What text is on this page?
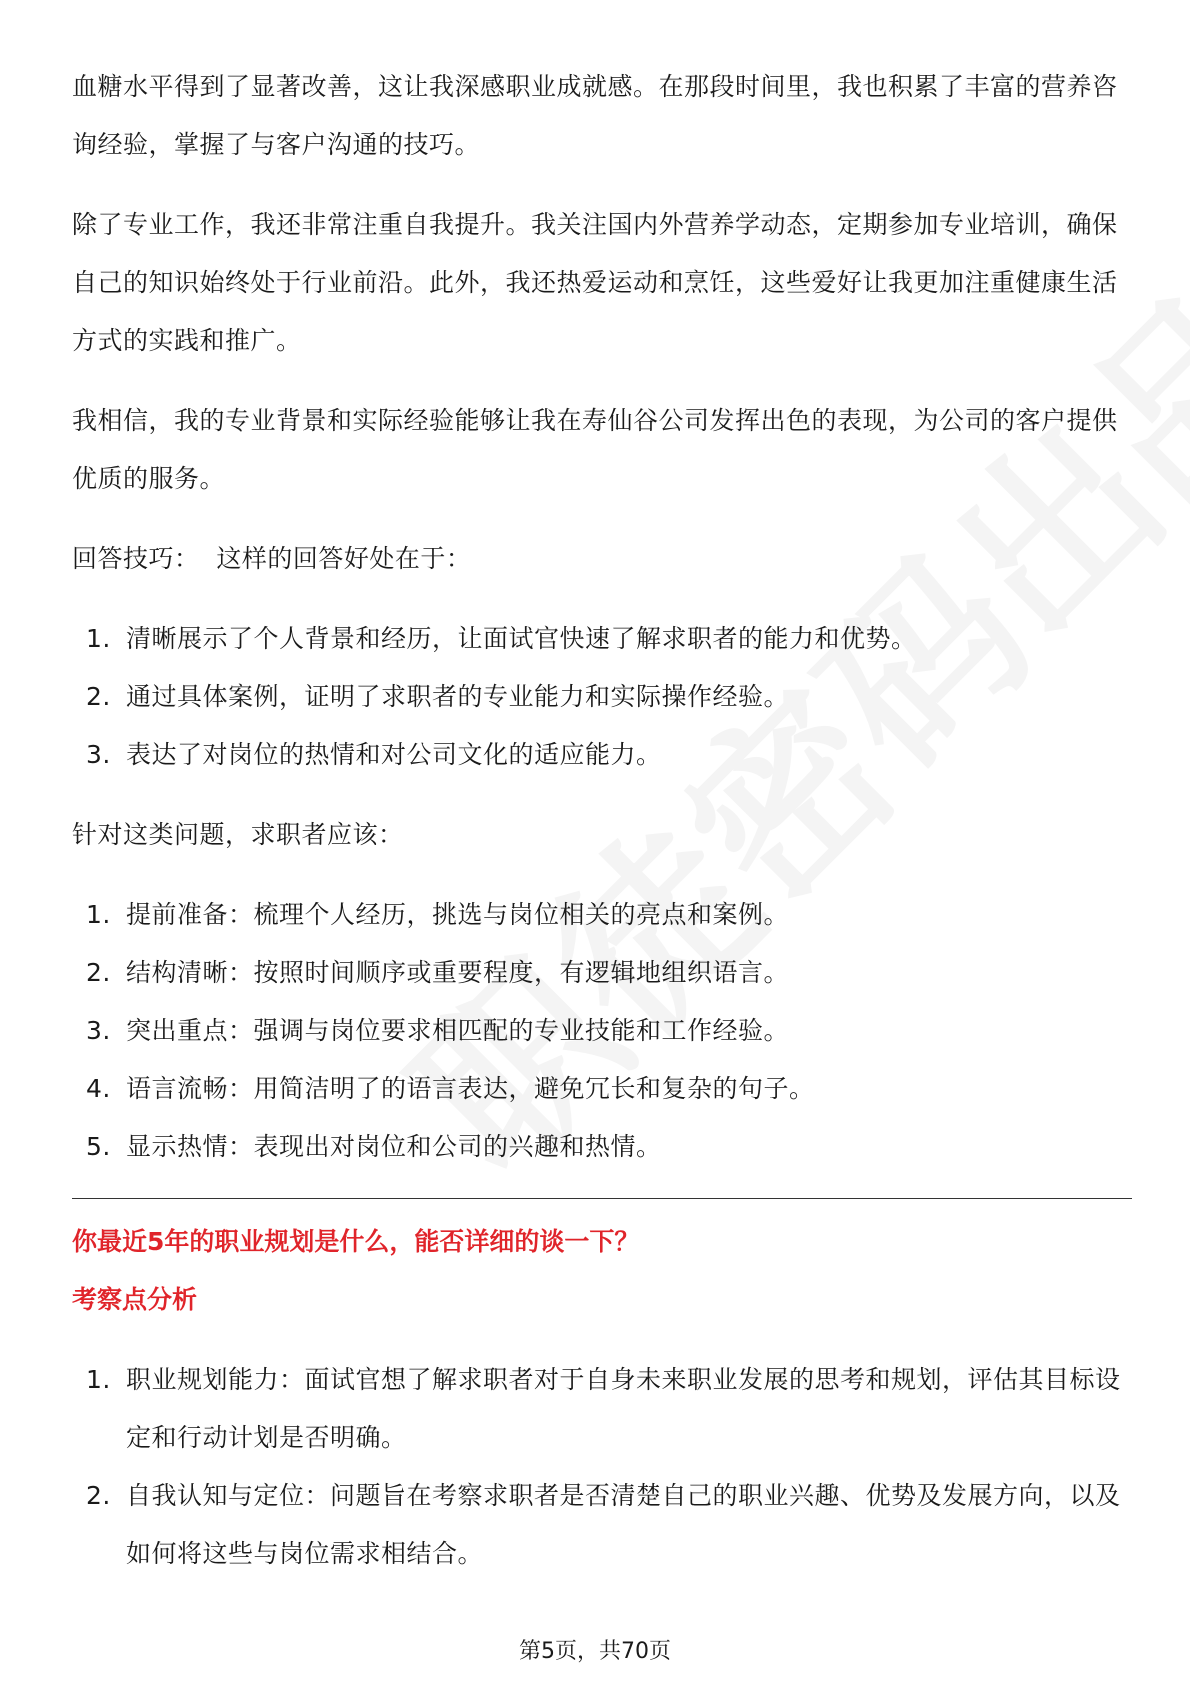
血糖水平得到了显著改善，这让我深感职业成就感。在那段时间里，我也积累了丰富的营养咨询经验，掌握了与客户沟通的技巧。

除了专业工作，我还非常注重自我提升。我关注国内外营养学动态，定期参加专业培训，确保自己的知识始终处于行业前沿。此外，我还热爱运动和烹饪，这些爱好让我更加注重健康生活方式的实践和推广。

我相信，我的专业背景和实际经验能够让我在寿仙谷公司发挥出色的表现，为公司的客户提供优质的服务。

回答技巧：  这样的回答好处在于：

1. 清晰展示了个人背景和经历，让面试官快速了解求职者的能力和优势。
2. 通过具体案例，证明了求职者的专业能力和实际操作经验。
3. 表达了对岗位的热情和对公司文化的适应能力。

针对这类问题，求职者应该：

1. 提前准备：梳理个人经历，挑选与岗位相关的亮点和案例。
2. 结构清晰：按照时间顺序或重要程度，有逻辑地组织语言。
3. 突出重点：强调与岗位要求相匹配的专业技能和工作经验。
4. 语言流畅：用简洁明了的语言表达，避免冗长和复杂的句子。
5. 显示热情：表现出对岗位和公司的兴趣和热情。

你最近5年的职业规划是什么，能否详细的谈一下？

考察点分析

1. 职业规划能力：面试官想了解求职者对于自身未来职业发展的思考和规划，评估其目标设定和行动计划是否明确。
2. 自我认知与定位：问题旨在考察求职者是否清楚自己的职业兴趣、优势及发展方向，以及如何将这些与岗位需求相结合。
第5页，共70页
